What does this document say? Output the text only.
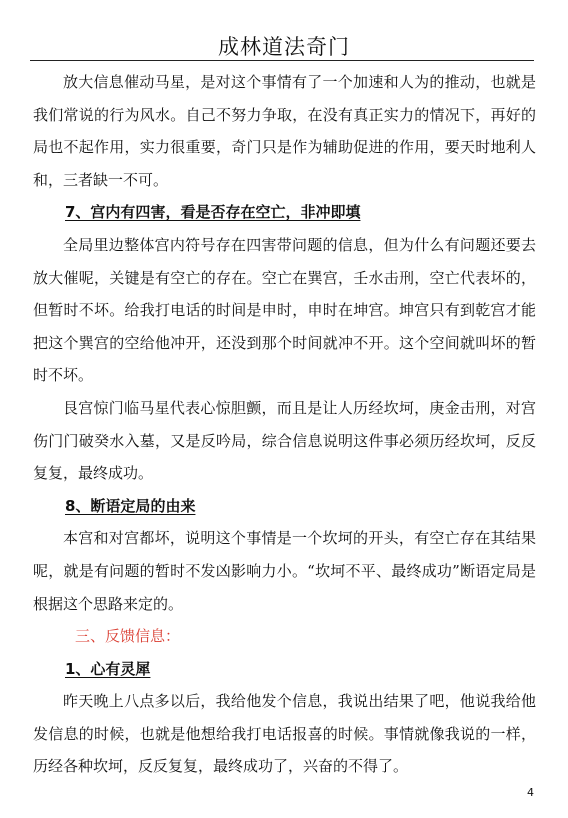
成林道法奇门

放大信息催动马星，是对这个事情有了一个加速和人为的推动，也就是我们常说的行为风水。自己不努力争取，在没有真正实力的情况下，再好的局也不起作用，实力很重要，奇门只是作为辅助促进的作用，要天时地利人和，三者缺一不可。

7、宫内有四害，看是否存在空亡，非冲即填

全局里边整体宫内符号存在四害带问题的信息，但为什么有问题还要去放大催呢，关键是有空亡的存在。空亡在巽宫，壬水击刑，空亡代表坏的，但暂时不坏。给我打电话的时间是申时，申时在坤宫。坤宫只有到乾宫才能把这个巽宫的空给他冲开，还没到那个时间就冲不开。这个空间就叫坏的暂时不坏。

艮宫惊门临马星代表心惊胆颤，而且是让人历经坎坷，庚金击刑，对宫伤门门破癸水入墓，又是反吟局，综合信息说明这件事必须历经坎坷，反反复复，最终成功。

8、断语定局的由来

本宫和对宫都坏，说明这个事情是一个坎坷的开头，有空亡存在其结果呢，就是有问题的暂时不发凶影响力小。“坎坷不平、最终成功”断语定局是根据这个思路来定的。

三、反馈信息：

1、心有灵犀

昨天晚上八点多以后，我给他发个信息，我说出结果了吧，他说我给他发信息的时候，也就是他想给我打电话报喜的时候。事情就像我说的一样，历经各种坎坷，反反复复，最终成功了，兴奋的不得了。

4
